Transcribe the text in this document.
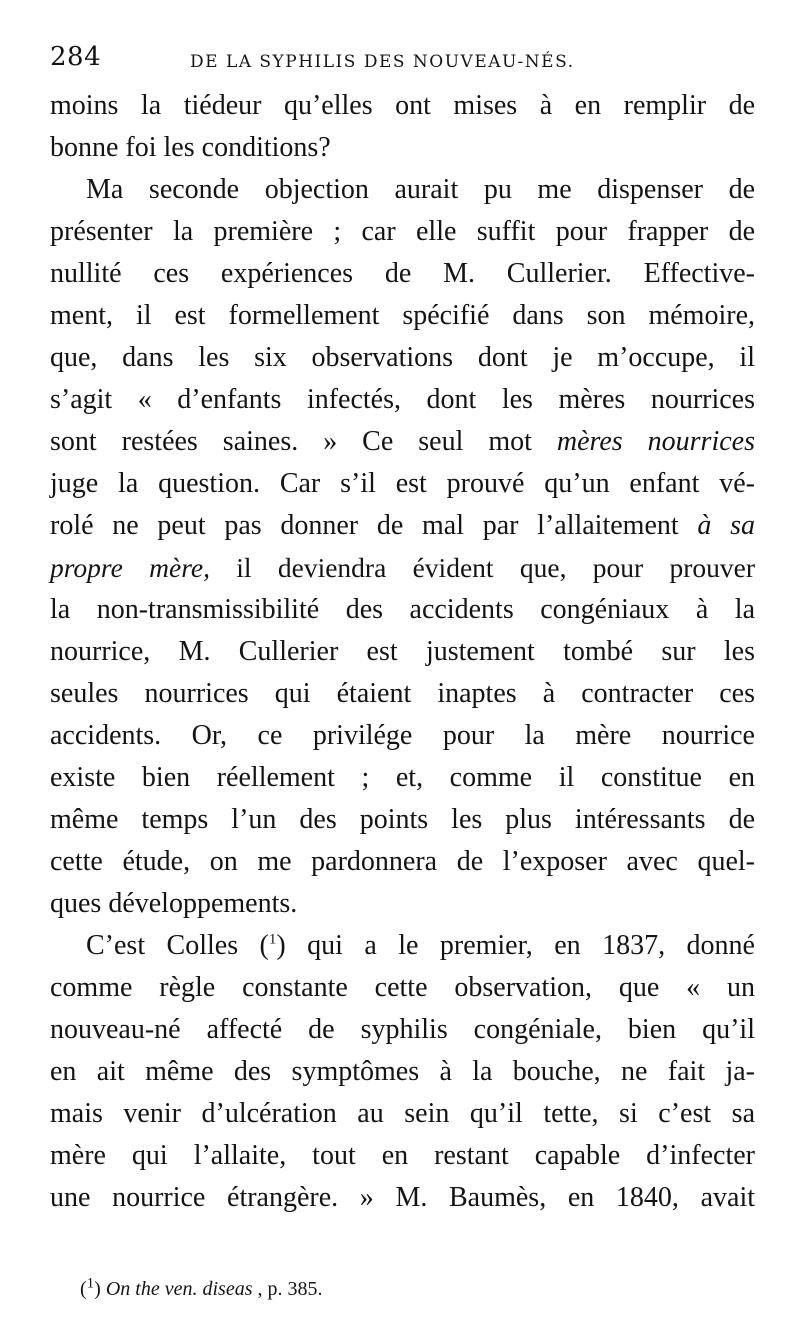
284	DE LA SYPHILIS DES NOUVEAU-NÉS.
moins la tiédeur qu’elles ont mises à en remplir de
bonne foi les conditions?
Ma seconde objection aurait pu me dispenser de
présenter la première ; car elle suffit pour frapper de
nullité ces expériences de M. Cullerier. Effective-
ment, il est formellement spécifié dans son mémoire,
que, dans les six observations dont je m’occupe, il
s’agit « d’enfants infectés, dont les mères nourrices
sont restées saines. » Ce seul mot mères nourrices
juge la question. Car s’il est prouvé qu’un enfant vé-
rolé ne peut pas donner de mal par l’allaitement à sa
propre mère, il deviendra évident que, pour prouver
la non-transmissibilité des accidents congéniaux à la
nourrice, M. Cullerier est justement tombé sur les
seules nourrices qui étaient inaptes à contracter ces
accidents. Or, ce privilége pour la mère nourrice
existe bien réellement ; et, comme il constitue en
même temps l’un des points les plus intéressants de
cette étude, on me pardonnera de l’exposer avec quel-
ques développements.
C’est Colles ($^1$) qui a le premier, en 1837, donné
comme règle constante cette observation, que « un
nouveau-né affecté de syphilis congéniale, bien qu’il
en ait même des symptômes à la bouche, ne fait ja-
mais venir d’ulcération au sein qu’il tette, si c’est sa
mère qui l’allaite, tout en restant capable d’infecter
une nourrice étrangère. » M. Baumès, en 1840, avait
($^1$) On the ven. diseas , p. 385.
